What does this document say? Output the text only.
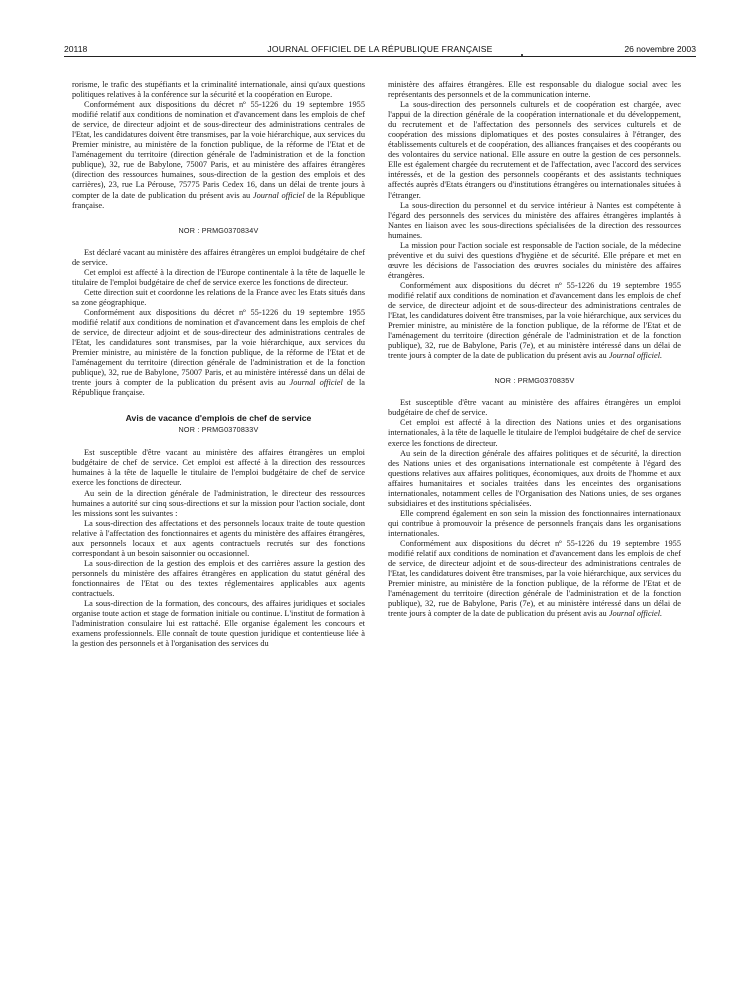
20118	JOURNAL OFFICIEL DE LA RÉPUBLIQUE FRANÇAISE	26 novembre 2003

rorisme, le trafic des stupéfiants et la criminalité internationale, ainsi qu'aux questions politiques relatives à la conférence sur la sécurité et la coopération en Europe.

Conformément aux dispositions du décret nº 55-1226 du 19 septembre 1955 modifié relatif aux conditions de nomination et d'avancement dans les emplois de chef de service, de directeur adjoint et de sous-directeur des administrations centrales de l'Etat, les candidatures doivent être transmises, par la voie hiérarchique, aux services du Premier ministre, au ministère de la fonction publique, de la réforme de l'Etat et de l'aménagement du territoire (direction générale de l'administration et de la fonction publique), 32, rue de Babylone, 75007 Paris, et au ministère des affaires étrangères (direction des ressources humaines, sous-direction de la gestion des emplois et des carrières), 23, rue La Pérouse, 75775 Paris Cedex 16, dans un délai de trente jours à compter de la date de publication du présent avis au Journal officiel de la République française.

NOR : PRMG0370834V

Est déclaré vacant au ministère des affaires étrangères un emploi budgétaire de chef de service.

Cet emploi est affecté à la direction de l'Europe continentale à la tête de laquelle le titulaire de l'emploi budgétaire de chef de service exerce les fonctions de directeur.

Cette direction suit et coordonne les relations de la France avec les Etats situés dans sa zone géographique.

Conformément aux dispositions du décret nº 55-1226 du 19 septembre 1955 modifié relatif aux conditions de nomination et d'avancement dans les emplois de chef de service, de directeur adjoint et de sous-directeur des administrations centrales de l'Etat, les candidatures sont transmises, par la voie hiérarchique, aux services du Premier ministre, au ministère de la fonction publique, de la réforme de l'Etat et de l'aménagement du territoire (direction générale de l'administration et de la fonction publique), 32, rue de Babylone, 75007 Paris, et au ministère intéressé dans un délai de trente jours à compter de la publication du présent avis au Journal officiel de la République française.

Avis de vacance d'emplois de chef de service
NOR : PRMG0370833V

Est susceptible d'être vacant au ministère des affaires étrangères un emploi budgétaire de chef de service. Cet emploi est affecté à la direction des ressources humaines à la tête de laquelle le titulaire de l'emploi budgétaire de chef de service exerce les fonctions de directeur.

Au sein de la direction générale de l'administration, le directeur des ressources humaines a autorité sur cinq sous-directions et sur la mission pour l'action sociale, dont les missions sont les suivantes :

La sous-direction des affectations et des personnels locaux traite de toute question relative à l'affectation des fonctionnaires et agents du ministère des affaires étrangères, aux personnels locaux et aux agents contractuels recrutés sur des fonctions correspondant à un besoin saisonnier ou occasionnel.

La sous-direction de la gestion des emplois et des carrières assure la gestion des personnels du ministère des affaires étrangères en application du statut général des fonctionnaires de l'Etat ou des textes réglementaires applicables aux agents contractuels.

La sous-direction de la formation, des concours, des affaires juridiques et sociales organise toute action et stage de formation initiale ou continue. L'institut de formation à l'administration consulaire lui est rattaché. Elle organise également les concours et examens professionnels. Elle connaît de toute question juridique et contentieuse liée à la gestion des personnels et à l'organisation des services du

ministère des affaires étrangères. Elle est responsable du dialogue social avec les représentants des personnels et de la communication interne.

La sous-direction des personnels culturels et de coopération est chargée, avec l'appui de la direction générale de la coopération internationale et du développement, du recrutement et de l'affectation des personnels des services culturels et de coopération des missions diplomatiques et des postes consulaires à l'étranger, des établissements culturels et de coopération, des alliances françaises et des coopérants ou des volontaires du service national. Elle assure en outre la gestion de ces personnels. Elle est également chargée du recrutement et de l'affectation, avec l'accord des services intéressés, et de la gestion des personnels coopérants et des assistants techniques affectés auprès d'Etats étrangers ou d'institutions étrangères ou internationales situées à l'étranger.

La sous-direction du personnel et du service intérieur à Nantes est compétente à l'égard des personnels des services du ministère des affaires étrangères implantés à Nantes en liaison avec les sous-directions spécialisées de la direction des ressources humaines.

La mission pour l'action sociale est responsable de l'action sociale, de la médecine préventive et du suivi des questions d'hygiène et de sécurité. Elle prépare et met en œuvre les décisions de l'association des œuvres sociales du ministère des affaires étrangères.

Conformément aux dispositions du décret nº 55-1226 du 19 septembre 1955 modifié relatif aux conditions de nomination et d'avancement dans les emplois de chef de service, de directeur adjoint et de sous-directeur des administrations centrales de l'Etat, les candidatures doivent être transmises, par la voie hiérarchique, aux services du Premier ministre, au ministère de la fonction publique, de la réforme de l'Etat et de l'aménagement du territoire (direction générale de l'administration et de la fonction publique), 32, rue de Babylone, Paris (7e), et au ministère intéressé dans un délai de trente jours à compter de la date de publication du présent avis au Journal officiel.

NOR : PRMG0370835V

Est susceptible d'être vacant au ministère des affaires étrangères un emploi budgétaire de chef de service.

Cet emploi est affecté à la direction des Nations unies et des organisations internationales, à la tête de laquelle le titulaire de l'emploi budgétaire de chef de service exerce les fonctions de directeur.

Au sein de la direction générale des affaires politiques et de sécurité, la direction des Nations unies et des organisations internationale est compétente à l'égard des questions relatives aux affaires politiques, économiques, aux droits de l'homme et aux affaires humanitaires et sociales traitées dans les enceintes des organisations internationales, notamment celles de l'Organisation des Nations unies, de ses organes subsidiaires et des institutions spécialisées.

Elle comprend également en son sein la mission des fonctionnaires internationaux qui contribue à promouvoir la présence de personnels français dans les organisations internationales.

Conformément aux dispositions du décret nº 55-1226 du 19 septembre 1955 modifié relatif aux conditions de nomination et d'avancement dans les emplois de chef de service, de directeur adjoint et de sous-directeur des administrations centrales de l'Etat, les candidatures doivent être transmises, par la voie hiérarchique, aux services du Premier ministre, au ministère de la fonction publique, de la réforme de l'Etat et de l'aménagement du territoire (direction générale de l'administration et de la fonction publique), 32, rue de Babylone, Paris (7e), et au ministère intéressé dans un délai de trente jours à compter de la date de publication du présent avis au Journal officiel.
